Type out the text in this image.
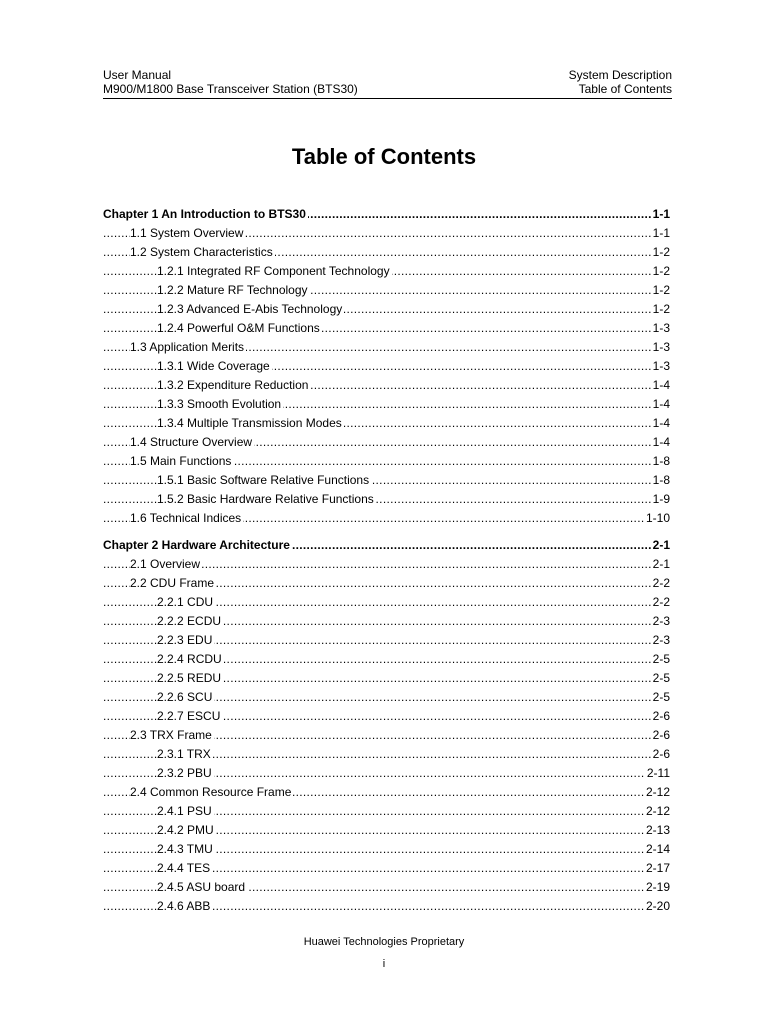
User Manual	System Description
M900/M1800 Base Transceiver Station (BTS30)	Table of Contents
Table of Contents
Chapter 1 An Introduction to BTS30	1-1
.....
1.1 System Overview	1-1
.....
1.2 System Characteristics	1-2
.....
1.2.1 Integrated RF Component Technology	1-2
.....
1.2.2 Mature RF Technology	1-2
.....
1.2.3 Advanced E-Abis Technology	1-2
.....
1.2.4 Powerful O&M Functions	1-3
.....
1.3 Application Merits	1-3
.....
1.3.1 Wide Coverage	1-3
.....
1.3.2 Expenditure Reduction	1-4
.....
1.3.3 Smooth Evolution	1-4
.....
1.3.4 Multiple Transmission Modes	1-4
.....
1.4 Structure Overview	1-4
.....
1.5 Main Functions	1-8
.....
1.5.1 Basic Software Relative Functions	1-8
.....
1.5.2 Basic Hardware Relative Functions	1-9
.....
1.6 Technical Indices	1-10
.....
Chapter 2 Hardware Architecture	2-1
.....
2.1 Overview	2-1
.....
2.2 CDU Frame	2-2
.....
2.2.1 CDU	2-2
.....
2.2.2 ECDU	2-3
.....
2.2.3 EDU	2-3
.....
2.2.4 RCDU	2-5
.....
2.2.5 REDU	2-5
.....
2.2.6 SCU	2-5
.....
2.2.7 ESCU	2-6
.....
2.3 TRX Frame	2-6
.....
2.3.1 TRX	2-6
.....
2.3.2 PBU	2-11
.....
2.4 Common Resource Frame	2-12
.....
2.4.1 PSU	2-12
.....
2.4.2 PMU	2-13
.....
2.4.3 TMU	2-14
.....
2.4.4 TES	2-17
.....
2.4.5 ASU board	2-19
.....
2.4.6 ABB	2-20
.....
Huawei Technologies Proprietary
i
